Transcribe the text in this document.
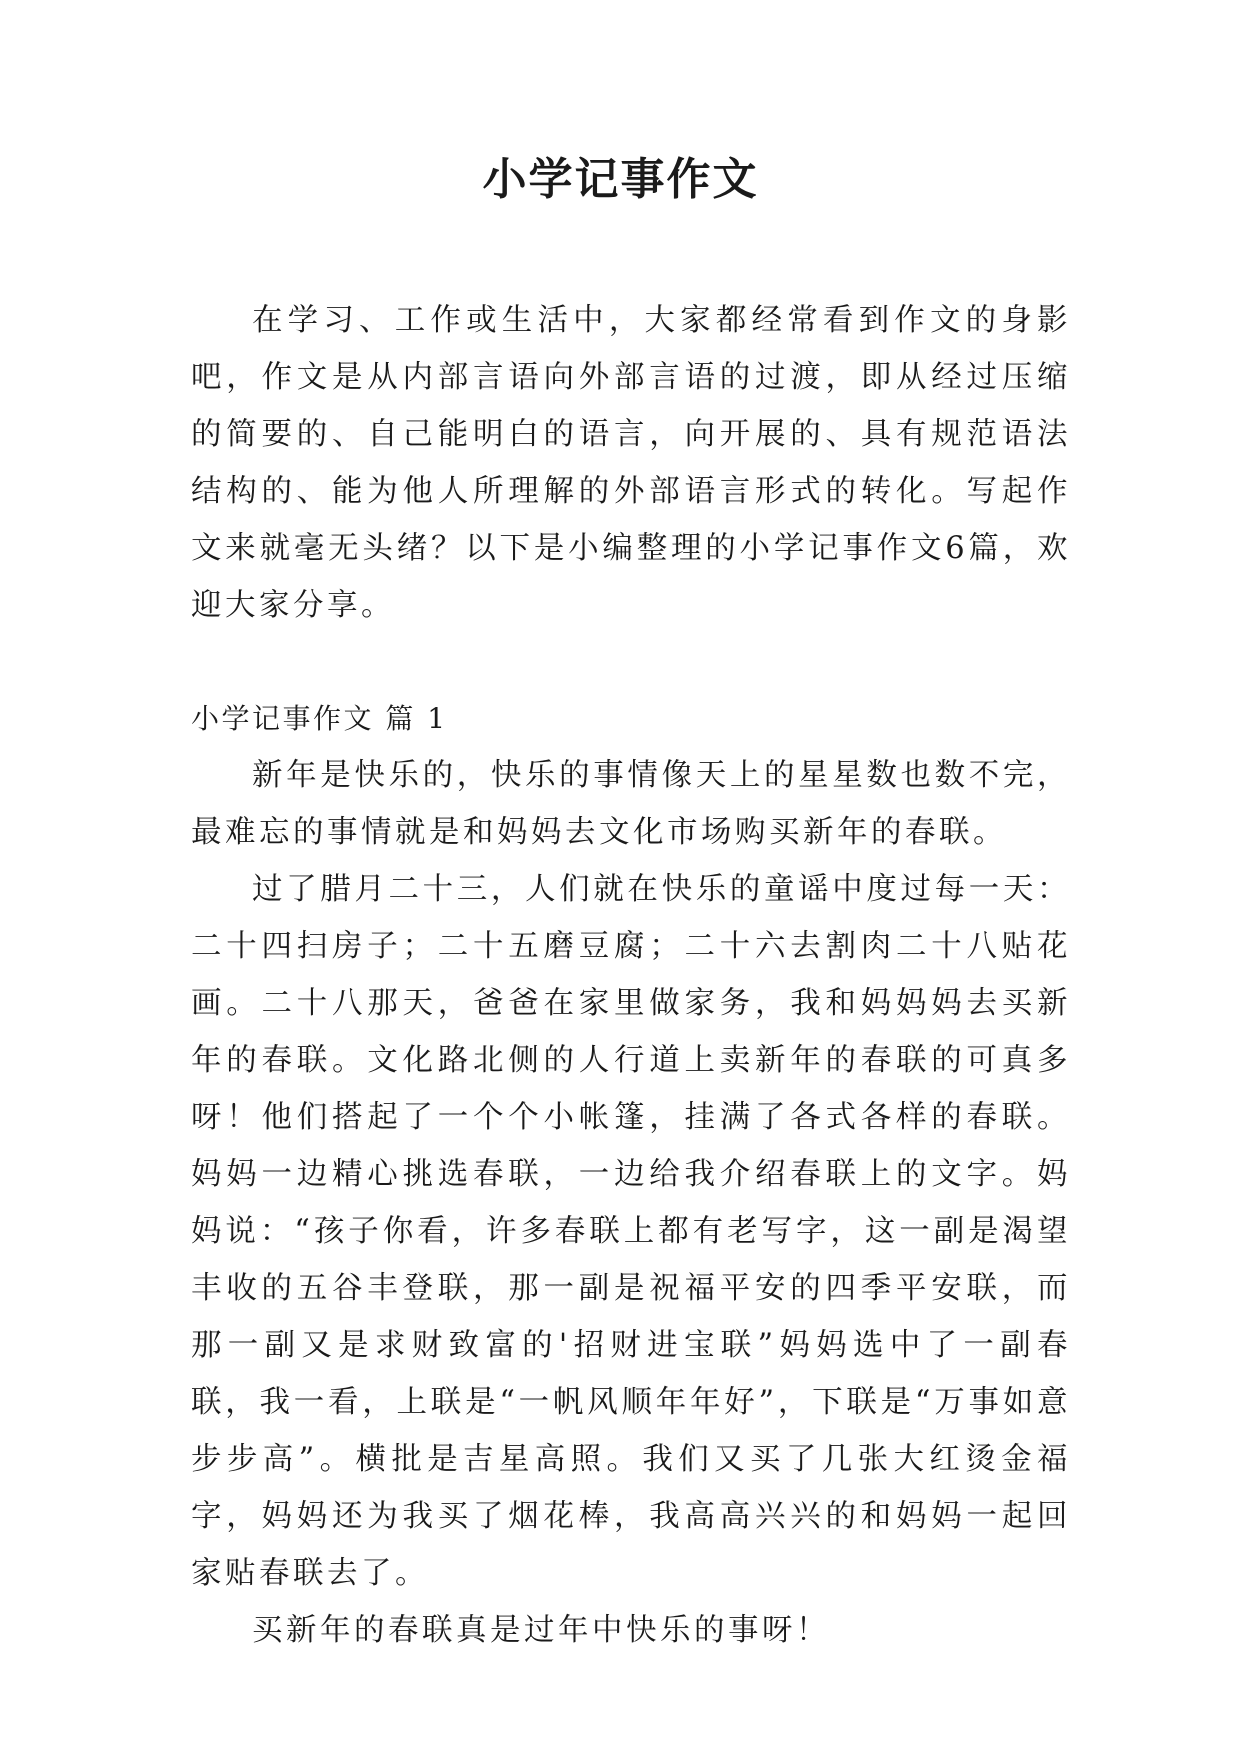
小学记事作文

在学习、工作或生活中，大家都经常看到作文的身影吧，作文是从内部言语向外部言语的过渡，即从经过压缩的简要的、自己能明白的语言，向开展的、具有规范语法结构的、能为他人所理解的外部语言形式的转化。写起作文来就毫无头绪？以下是小编整理的小学记事作文6篇，欢迎大家分享。

小学记事作文 篇 1

新年是快乐的，快乐的事情像天上的星星数也数不完，最难忘的事情就是和妈妈去文化市场购买新年的春联。

过了腊月二十三，人们就在快乐的童谣中度过每一天：二十四扫房子；二十五磨豆腐；二十六去割肉二十八贴花画。二十八那天，爸爸在家里做家务，我和妈妈妈去买新年的春联。文化路北侧的人行道上卖新年的春联的可真多呀！他们搭起了一个个小帐篷，挂满了各式各样的春联。妈妈一边精心挑选春联，一边给我介绍春联上的文字。妈妈说：“孩子你看，许多春联上都有老写字，这一副是渴望丰收的五谷丰登联，那一副是祝福平安的四季平安联，而那一副又是求财致富的'招财进宝联”妈妈选中了一副春联，我一看，上联是“一帆风顺年年好”，下联是“万事如意步步高”。横批是吉星高照。我们又买了几张大红烫金福字，妈妈还为我买了烟花棒，我高高兴兴的和妈妈一起回家贴春联去了。

买新年的春联真是过年中快乐的事呀！
